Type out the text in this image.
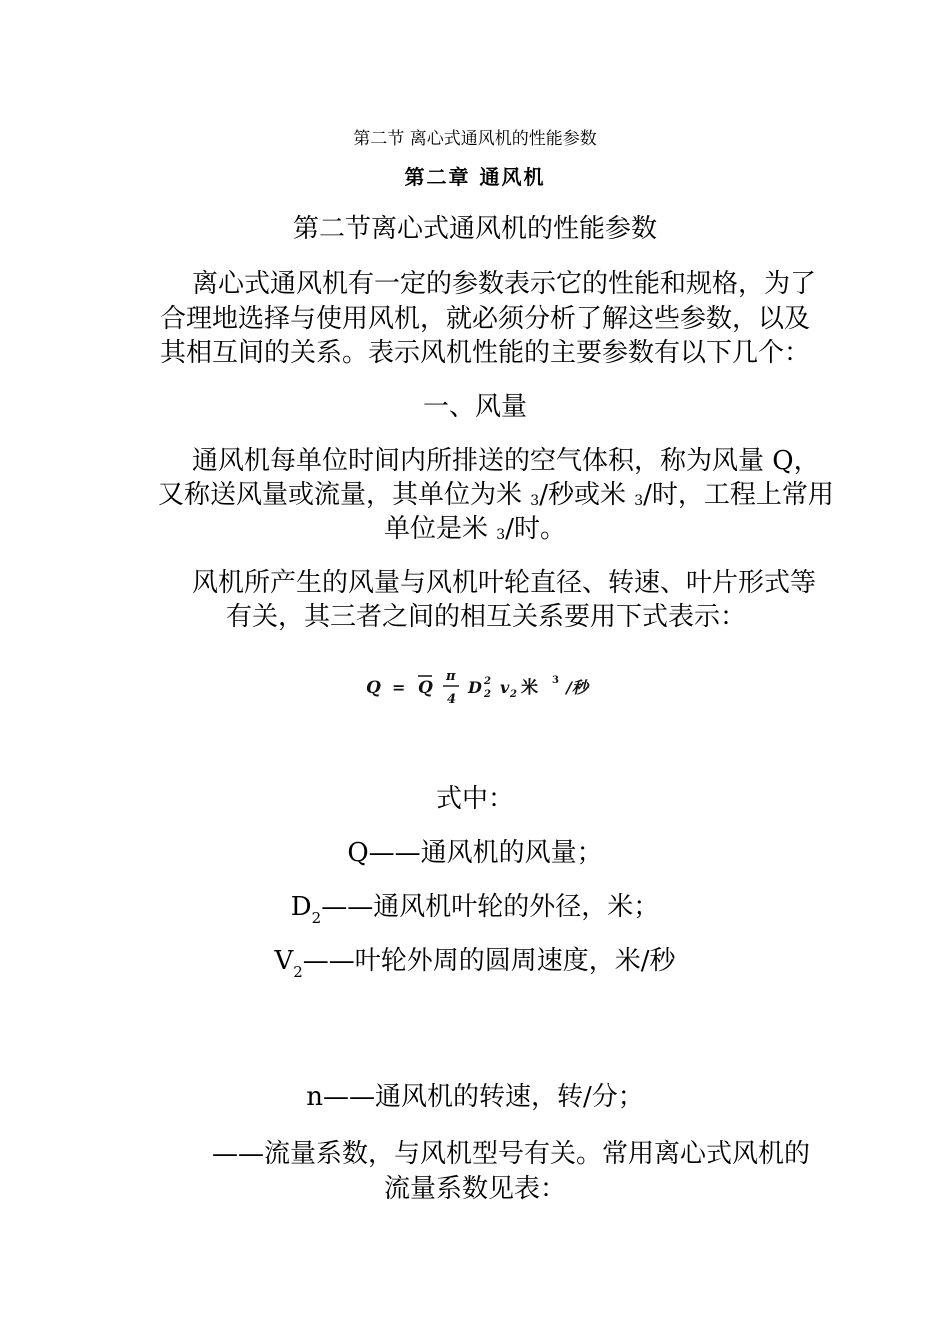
第二节 离心式通风机的性能参数
第二章 通风机
第二节离心式通风机的性能参数
离心式通风机有一定的参数表示它的性能和规格，为了
合理地选择与使用风机，就必须分析了解这些参数，以及
其相互间的关系。表示风机性能的主要参数有以下几个：
一、风量
通风机每单位时间内所排送的空气体积，称为风量 Q，
又称送风量或流量，其单位为米 3/秒或米 3/时，工程上常用
单位是米 3/时。
风机所产生的风量与风机叶轮直径、转速、叶片形式等
有关，其三者之间的相互关系要用下式表示：
Q = Q
π
4
D 2
2 v 2 米 3 /秒
式中：
Q——通风机的风量；
$D_2——$通风机叶轮的外径，米；
$V_2——$叶轮外周的圆周速度，米/秒
n——通风机的转速，转/分；
——流量系数，与风机型号有关。常用离心式风机的
流量系数见表：
